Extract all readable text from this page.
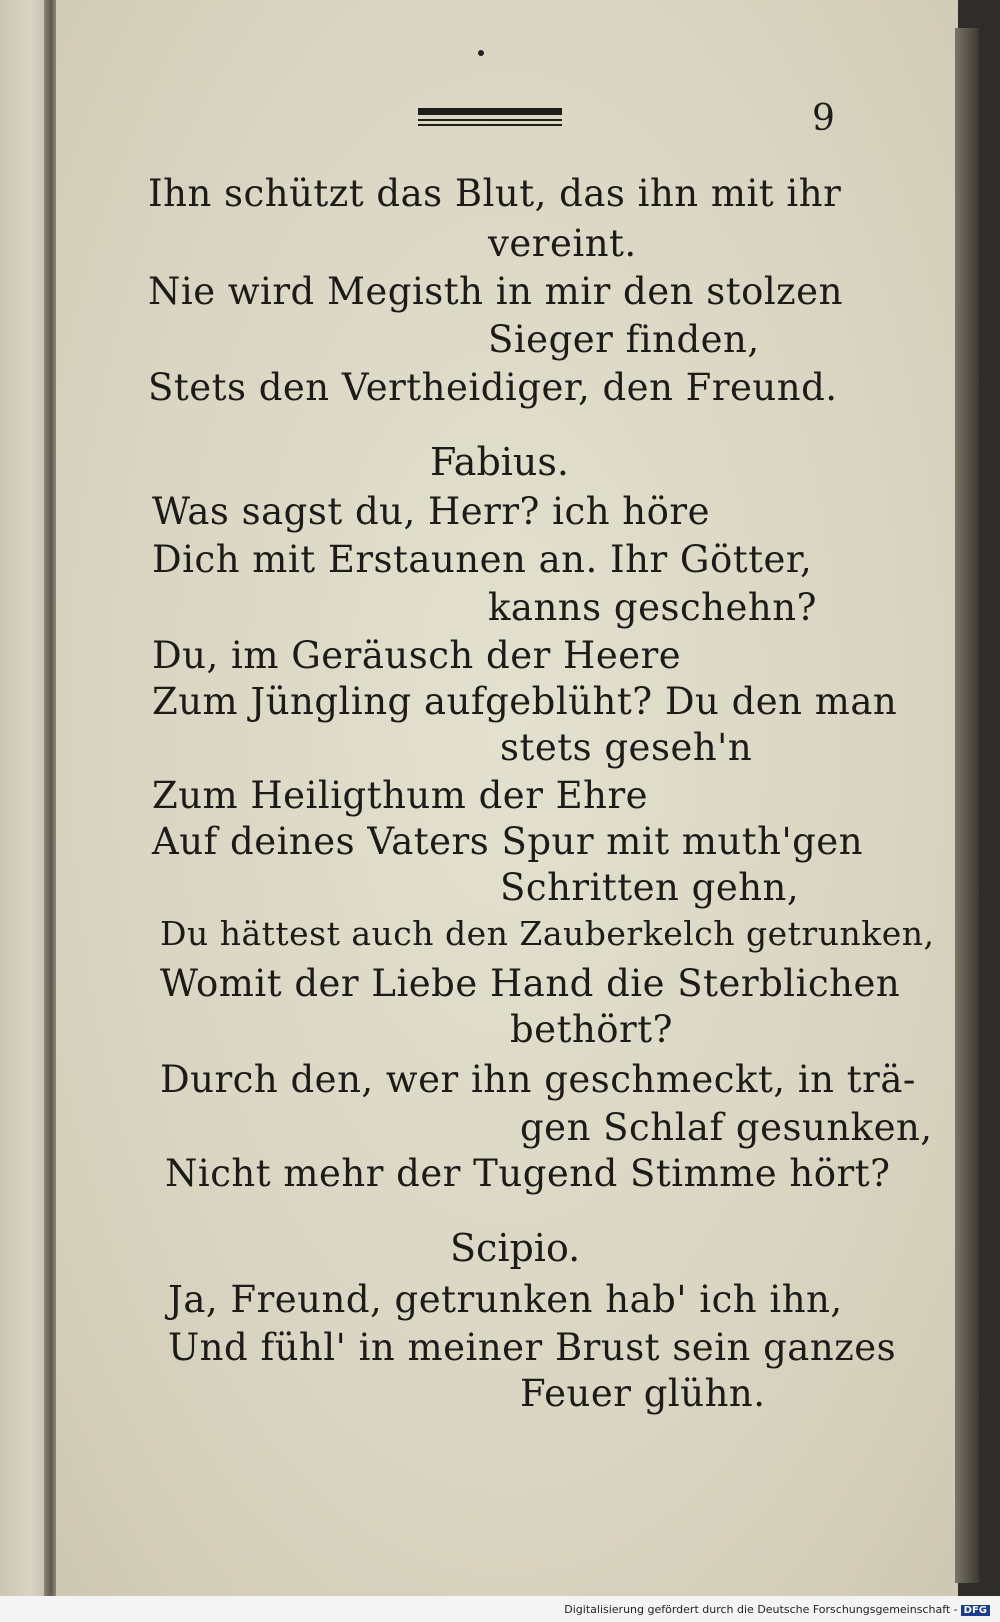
9
Ihn schützt das Blut, das ihn mit ihr
vereint.
Nie wird Megisth in mir den stolzen
Sieger finden,
Stets den Vertheidiger, den Freund.
Fabius.
Was sagst du, Herr? ich höre
Dich mit Erstaunen an. Ihr Götter,
kanns geschehn?
Du, im Geräusch der Heere
Zum Jüngling aufgeblüht? Du den man
stets geseh'n
Zum Heiligthum der Ehre
Auf deines Vaters Spur mit muth'gen
Schritten gehn,
Du hättest auch den Zauberkelch getrunken,
Womit der Liebe Hand die Sterblichen
bethört?
Durch den, wer ihn geschmeckt, in trä-
gen Schlaf gesunken,
Nicht mehr der Tugend Stimme hört?
Scipio.
Ja, Freund, getrunken hab' ich ihn,
Und fühl' in meiner Brust sein ganzes
Feuer glühn.
Digitalisierung gefördert durch die Deutsche Forschungsgemeinschaft - DFG
